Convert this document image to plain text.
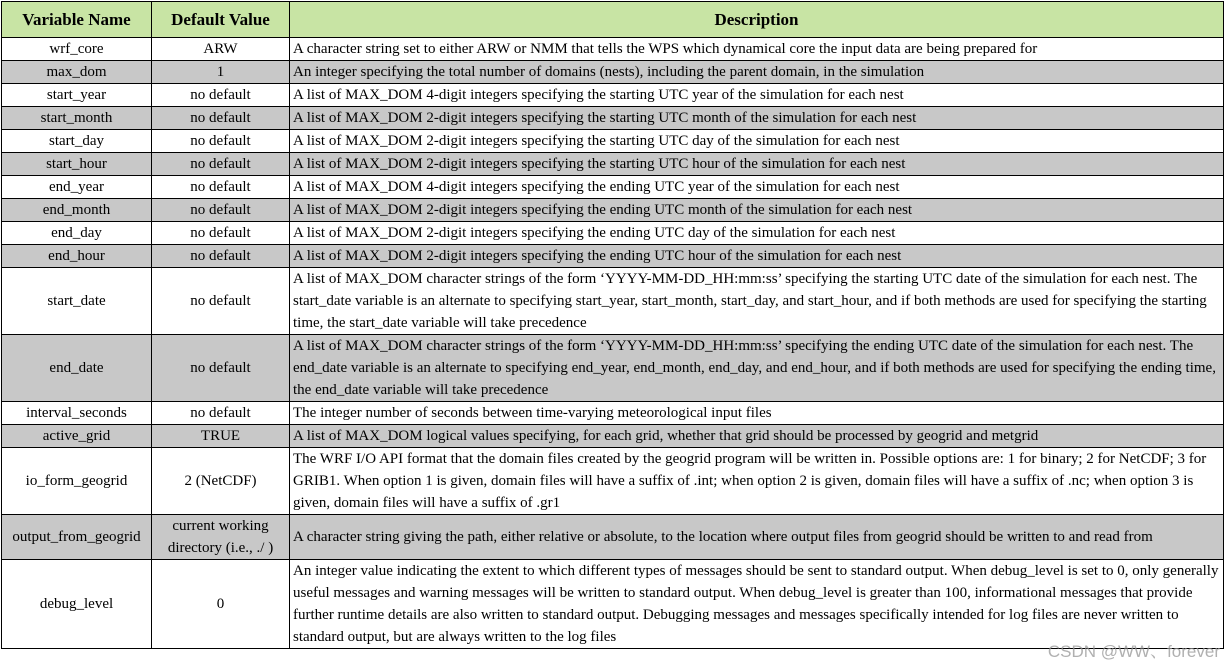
Variable Name	Default Value	Description
wrf_core	ARW	A character string set to either ARW or NMM that tells the WPS which dynamical core the input data are being prepared for
max_dom	1	An integer specifying the total number of domains (nests), including the parent domain, in the simulation
start_year	no default	A list of MAX_DOM 4-digit integers specifying the starting UTC year of the simulation for each nest
start_month	no default	A list of MAX_DOM 2-digit integers specifying the starting UTC month of the simulation for each nest
start_day	no default	A list of MAX_DOM 2-digit integers specifying the starting UTC day of the simulation for each nest
start_hour	no default	A list of MAX_DOM 2-digit integers specifying the starting UTC hour of the simulation for each nest
end_year	no default	A list of MAX_DOM 4-digit integers specifying the ending UTC year of the simulation for each nest
end_month	no default	A list of MAX_DOM 2-digit integers specifying the ending UTC month of the simulation for each nest
end_day	no default	A list of MAX_DOM 2-digit integers specifying the ending UTC day of the simulation for each nest
end_hour	no default	A list of MAX_DOM 2-digit integers specifying the ending UTC hour of the simulation for each nest
start_date	no default	A list of MAX_DOM character strings of the form ‘YYYY-MM-DD_HH:mm:ss’ specifying the starting UTC date of the simulation for each nest. The start_date variable is an alternate to specifying start_year, start_month, start_day, and start_hour, and if both methods are used for specifying the starting time, the start_date variable will take precedence
end_date	no default	A list of MAX_DOM character strings of the form ‘YYYY-MM-DD_HH:mm:ss’ specifying the ending UTC date of the simulation for each nest. The end_date variable is an alternate to specifying end_year, end_month, end_day, and end_hour, and if both methods are used for specifying the ending time, the end_date variable will take precedence
interval_seconds	no default	The integer number of seconds between time-varying meteorological input files
active_grid	TRUE	A list of MAX_DOM logical values specifying, for each grid, whether that grid should be processed by geogrid and metgrid
io_form_geogrid	2 (NetCDF)	The WRF I/O API format that the domain files created by the geogrid program will be written in. Possible options are: 1 for binary; 2 for NetCDF; 3 for GRIB1. When option 1 is given, domain files will have a suffix of .int; when option 2 is given, domain files will have a suffix of .nc; when option 3 is given, domain files will have a suffix of .gr1
output_from_geogrid	current working directory (i.e., ./ )	A character string giving the path, either relative or absolute, to the location where output files from geogrid should be written to and read from
debug_level	0	An integer value indicating the extent to which different types of messages should be sent to standard output. When debug_level is set to 0, only generally useful messages and warning messages will be written to standard output. When debug_level is greater than 100, informational messages that provide further runtime details are also written to standard output. Debugging messages and messages specifically intended for log files are never written to standard output, but are always written to the log files
CSDN @WW、forever
